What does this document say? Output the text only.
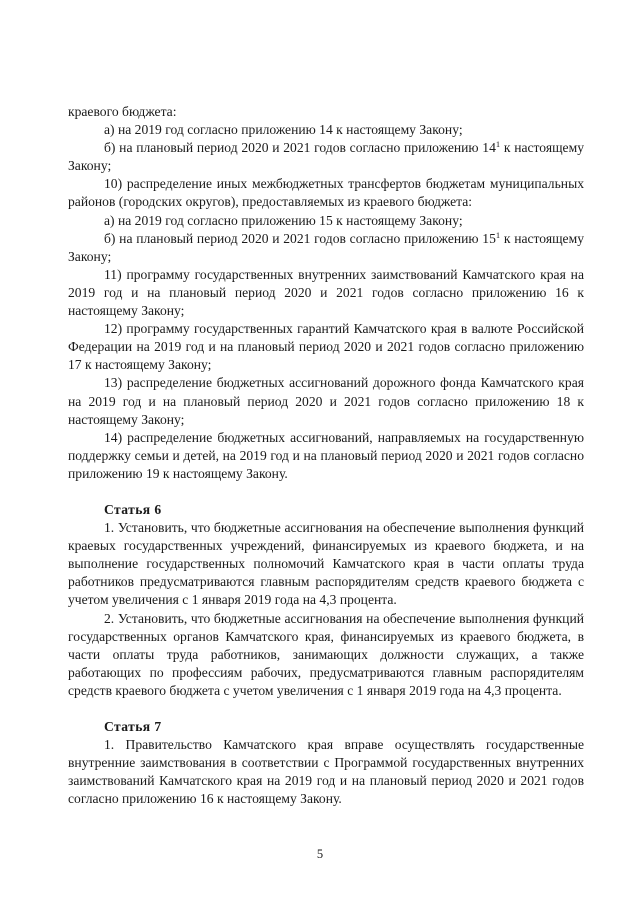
краевого бюджета:

а) на 2019 год согласно приложению 14 к настоящему Закону;

б) на плановый период 2020 и 2021 годов согласно приложению $14^1$ к настоящему Закону;

10) распределение иных межбюджетных трансфертов бюджетам муниципальных районов (городских округов), предоставляемых из краевого бюджета:

а) на 2019 год согласно приложению 15 к настоящему Закону;

б) на плановый период 2020 и 2021 годов согласно приложению $15^1$ к настоящему Закону;

11) программу государственных внутренних заимствований Камчатского края на 2019 год и на плановый период 2020 и 2021 годов согласно приложению 16 к настоящему Закону;

12) программу государственных гарантий Камчатского края в валюте Российской Федерации на 2019 год и на плановый период 2020 и 2021 годов согласно приложению 17 к настоящему Закону;

13) распределение бюджетных ассигнований дорожного фонда Камчатского края на 2019 год и на плановый период 2020 и 2021 годов согласно приложению 18 к настоящему Закону;

14) распределение бюджетных ассигнований, направляемых на государственную поддержку семьи и детей, на 2019 год и на плановый период 2020 и 2021 годов согласно приложению 19 к настоящему Закону.

Статья 6

1. Установить, что бюджетные ассигнования на обеспечение выполнения функций краевых государственных учреждений, финансируемых из краевого бюджета, и на выполнение государственных полномочий Камчатского края в части оплаты труда работников предусматриваются главным распорядителям средств краевого бюджета с учетом увеличения с 1 января 2019 года на 4,3 процента.

2. Установить, что бюджетные ассигнования на обеспечение выполнения функций государственных органов Камчатского края, финансируемых из краевого бюджета, в части оплаты труда работников, занимающих должности служащих, а также работающих по профессиям рабочих, предусматриваются главным распорядителям средств краевого бюджета с учетом увеличения с 1 января 2019 года на 4,3 процента.

Статья 7

1. Правительство Камчатского края вправе осуществлять государственные внутренние заимствования в соответствии с Программой государственных внутренних заимствований Камчатского края на 2019 год и на плановый период 2020 и 2021 годов согласно приложению 16 к настоящему Закону.

5
